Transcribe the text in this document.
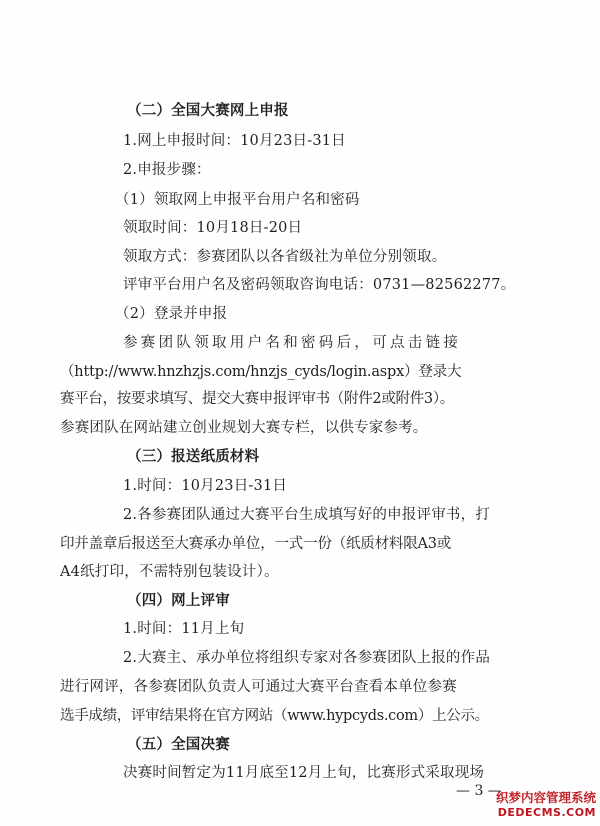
（二）全国大赛网上申报
1.网上申报时间：10月23日-31日
2.申报步骤：
（1）领取网上申报平台用户名和密码
领取时间：10月18日-20日
领取方式：参赛团队以各省级社为单位分别领取。
评审平台用户名及密码领取咨询电话：0731—82562277。
（2）登录并申报
参赛团队领取用户名和密码后，可点击链接
（http://www.hnzhzjs.com/hnzjs_cyds/login.aspx）登录大
赛平台，按要求填写、提交大赛申报评审书（附件2或附件3）。
参赛团队在网站建立创业规划大赛专栏，以供专家参考。
（三）报送纸质材料
1.时间：10月23日-31日
2.各参赛团队通过大赛平台生成填写好的申报评审书，打
印并盖章后报送至大赛承办单位，一式一份（纸质材料限A3或
A4纸打印，不需特别包装设计）。
（四）网上评审
1.时间：11月上旬
2.大赛主、承办单位将组织专家对各参赛团队上报的作品
进行网评，各参赛团队负责人可通过大赛平台查看本单位参赛
选手成绩，评审结果将在官方网站（www.hypcyds.com）上公示。
（五）全国决赛
决赛时间暂定为11月底至12月上旬，比赛形式采取现场
— 3 —
织梦内容管理系统
DEDECMS.COM
